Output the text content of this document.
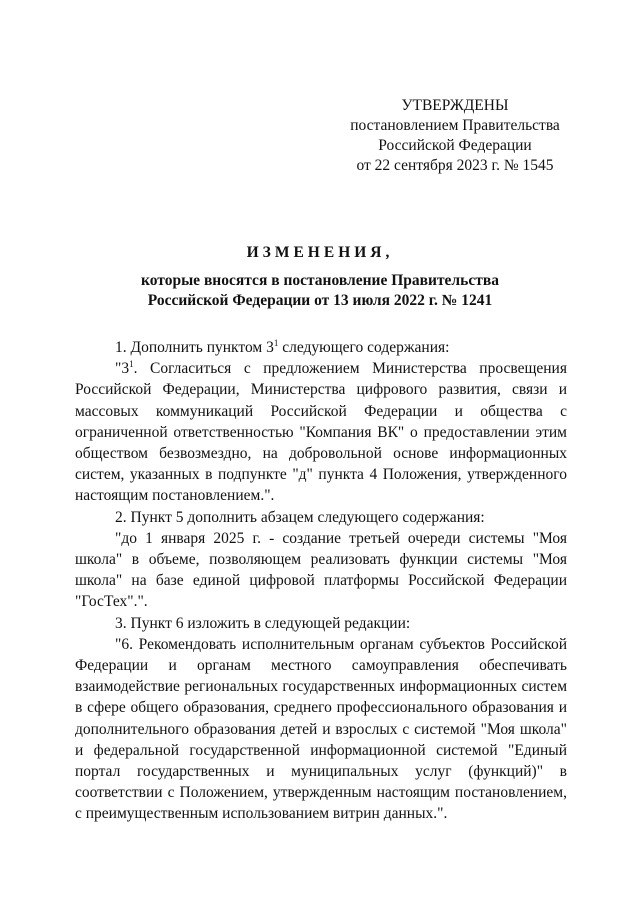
УТВЕРЖДЕНЫ
постановлением Правительства
Российской Федерации
от 22 сентября 2023 г. № 1545
ИЗМЕНЕНИЯ,
которые вносятся в постановление Правительства
Российской Федерации от 13 июля 2022 г. № 1241

1. Дополнить пунктом $3^1$ следующего содержания:

"$3^1$. Согласиться с предложением Министерства просвещения Российской Федерации, Министерства цифрового развития, связи и массовых коммуникаций Российской Федерации и общества с ограниченной ответственностью "Компания ВК" о предоставлении этим обществом безвозмездно, на добровольной основе информационных систем, указанных в подпункте "д" пункта 4 Положения, утвержденного настоящим постановлением.".

2. Пункт 5 дополнить абзацем следующего содержания:

"до 1 января 2025 г. - создание третьей очереди системы "Моя школа" в объеме, позволяющем реализовать функции системы "Моя школа" на базе единой цифровой платформы Российской Федерации "ГосТех".".

3. Пункт 6 изложить в следующей редакции:

"6. Рекомендовать исполнительным органам субъектов Российской Федерации и органам местного самоуправления обеспечивать взаимодействие региональных государственных информационных систем в сфере общего образования, среднего профессионального образования и дополнительного образования детей и взрослых с системой "Моя школа" и федеральной государственной информационной системой "Единый портал государственных и муниципальных услуг (функций)" в соответствии с Положением, утвержденным настоящим постановлением, с преимущественным использованием витрин данных.".
